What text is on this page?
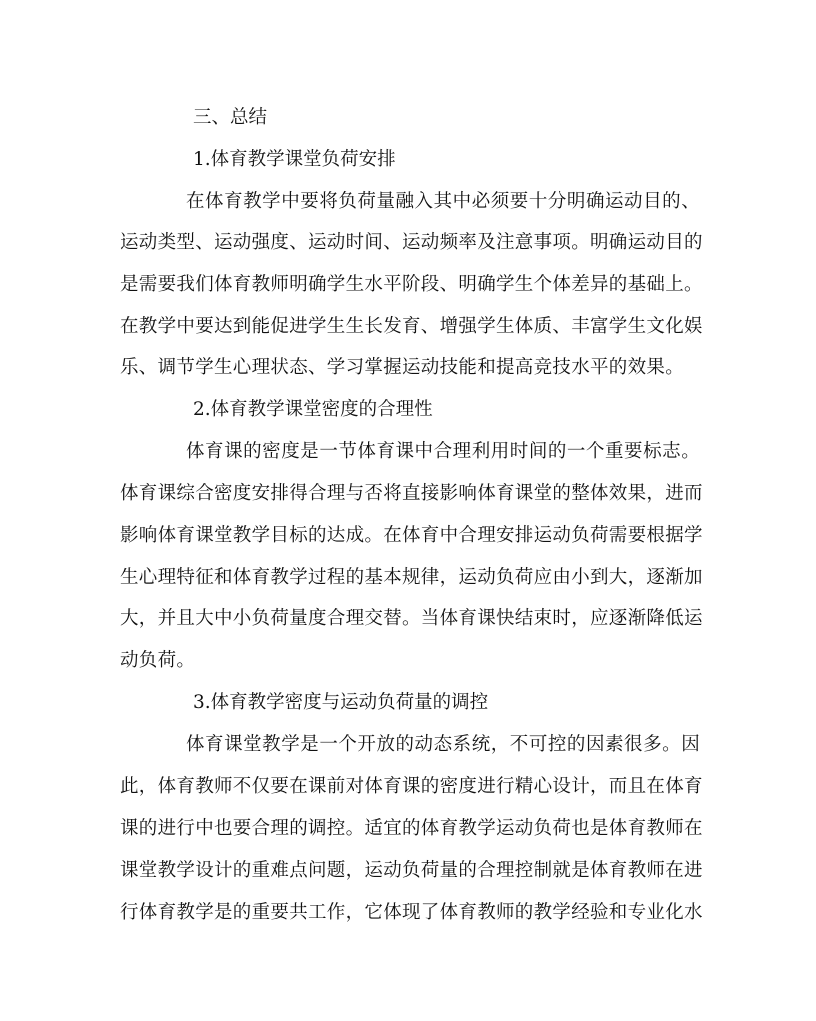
三、总结
1.体育教学课堂负荷安排
在体育教学中要将负荷量融入其中必须要十分明确运动目的、
运动类型、运动强度、运动时间、运动频率及注意事项。明确运动目的
是需要我们体育教师明确学生水平阶段、明确学生个体差异的基础上。
在教学中要达到能促进学生生长发育、增强学生体质、丰富学生文化娱
乐、调节学生心理状态、学习掌握运动技能和提高竞技水平的效果。
2.体育教学课堂密度的合理性
体育课的密度是一节体育课中合理利用时间的一个重要标志。
体育课综合密度安排得合理与否将直接影响体育课堂的整体效果，进而
影响体育课堂教学目标的达成。在体育中合理安排运动负荷需要根据学
生心理特征和体育教学过程的基本规律，运动负荷应由小到大，逐渐加
大，并且大中小负荷量度合理交替。当体育课快结束时，应逐渐降低运
动负荷。
3.体育教学密度与运动负荷量的调控
体育课堂教学是一个开放的动态系统，不可控的因素很多。因
此，体育教师不仅要在课前对体育课的密度进行精心设计，而且在体育
课的进行中也要合理的调控。适宜的体育教学运动负荷也是体育教师在
课堂教学设计的重难点问题，运动负荷量的合理控制就是体育教师在进
行体育教学是的重要共工作，它体现了体育教师的教学经验和专业化水
